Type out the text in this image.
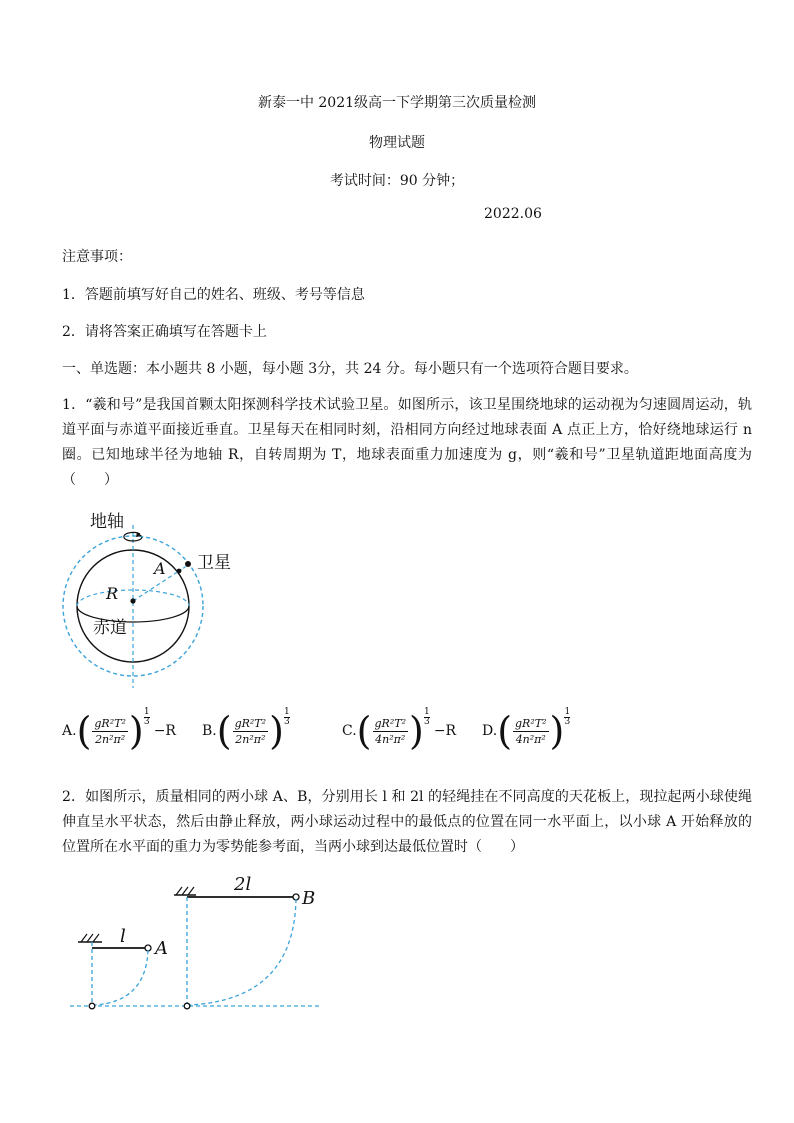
新泰一中 2021级高一下学期第三次质量检测
物理试题
考试时间：90 分钟；
2022.06
注意事项：
1．答题前填写好自己的姓名、班级、考号等信息
2．请将答案正确填写在答题卡上
一、单选题：本小题共 8 小题，每小题 3分，共 24 分。每小题只有一个选项符合题目要求。
1．“羲和号”是我国首颗太阳探测科学技术试验卫星。如图所示，该卫星围绕地球的运动视为匀速圆周运动，轨道平面与赤道平面接近垂直。卫星每天在相同时刻，沿相同方向经过地球表面 A 点正上方，恰好绕地球运行 n 圈。已知地球半径为地轴 R，自转周期为 T，地球表面重力加速度为 g，则“羲和号”卫星轨道距地面高度为（　　）
地轴
卫星
A
R
赤道
A. ( $\frac{\text{gR²T²}}{\text{2n²π²}}$ ) 1
3
−R B. ( $\frac{\text{gR²T²}}{\text{2n²π²}}$ ) 1
3
C. ( $\frac{\text{gR²T²}}{\text{4n²π²}}$ ) 1
3
−R D. ( $\frac{\text{gR²T²}}{\text{4n²π²}}$ ) 1
3
2．如图所示，质量相同的两小球 A、B，分别用长 l 和 2l 的轻绳挂在不同高度的天花板上，现拉起两小球使绳伸直呈水平状态，然后由静止释放，两小球运动过程中的最低点的位置在同一水平面上，以小球 A 开始释放的位置所在水平面的重力为零势能参考面，当两小球到达最低位置时（　　）
2l
B
l
A
